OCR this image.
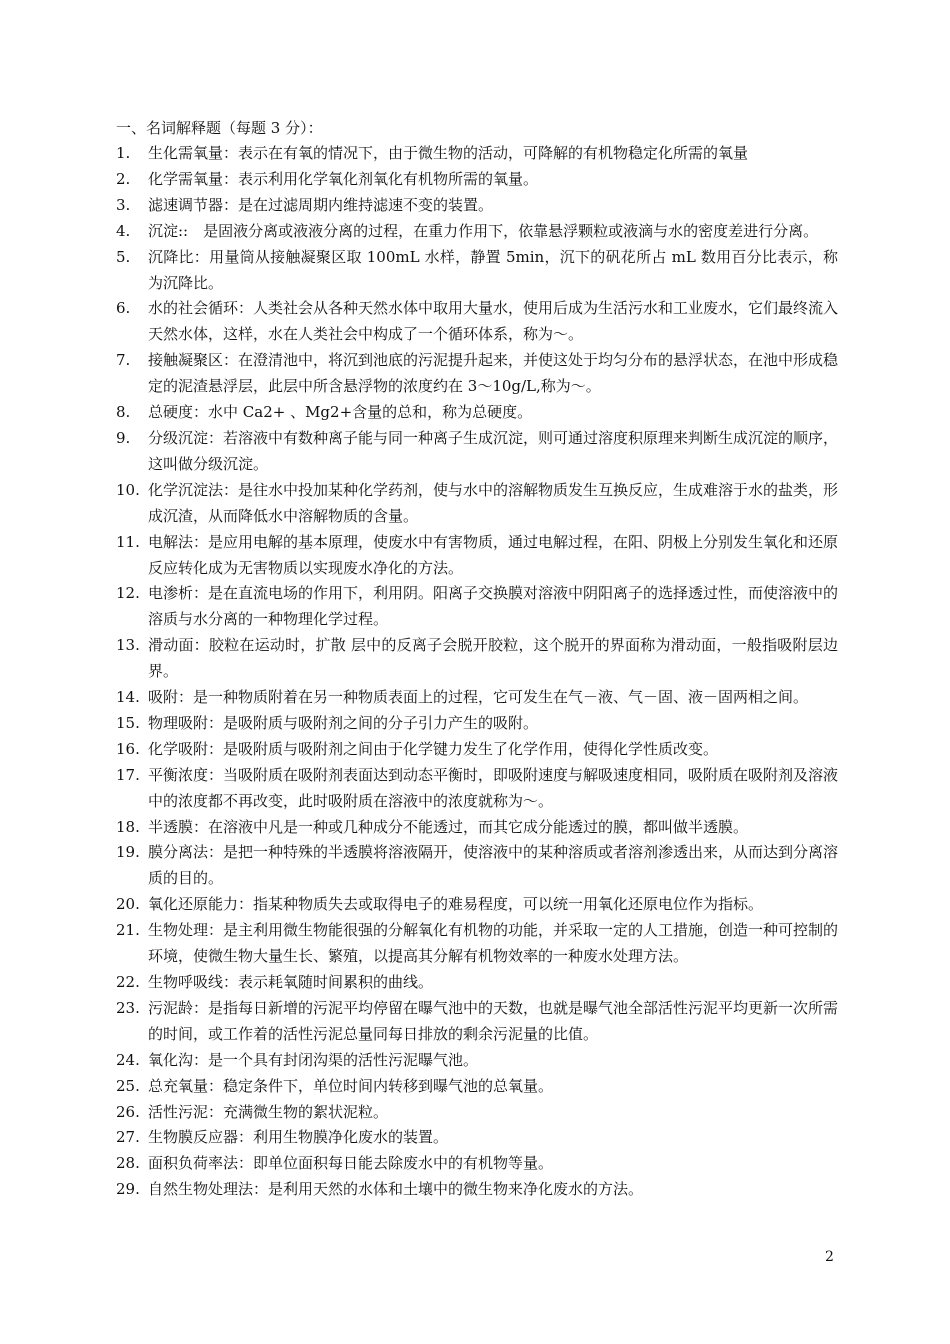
一、名词解释题（每题 3 分）：
1.	生化需氧量：表示在有氧的情况下，由于微生物的活动，可降解的有机物稳定化所需的氧量
2.	化学需氧量：表示利用化学氧化剂氧化有机物所需的氧量。
3.	滤速调节器：是在过滤周期内维持滤速不变的装置。
4.	沉淀::　是固液分离或液液分离的过程，在重力作用下，依靠悬浮颗粒或液滴与水的密度差进行分离。
5.	沉降比：用量筒从接触凝聚区取 100mL 水样，静置 5min，沉下的矾花所占 mL 数用百分比表示，称为沉降比。
6.	水的社会循环：人类社会从各种天然水体中取用大量水，使用后成为生活污水和工业废水，它们最终流入天然水体，这样，水在人类社会中构成了一个循环体系，称为～。
7.	接触凝聚区：在澄清池中，将沉到池底的污泥提升起来，并使这处于均匀分布的悬浮状态，在池中形成稳定的泥渣悬浮层，此层中所含悬浮物的浓度约在 3～10g/L,称为～。
8.	总硬度：水中 Ca2+ 、Mg2+含量的总和，称为总硬度。
9.	分级沉淀：若溶液中有数种离子能与同一种离子生成沉淀，则可通过溶度积原理来判断生成沉淀的顺序，这叫做分级沉淀。
10. 化学沉淀法：是往水中投加某种化学药剂，使与水中的溶解物质发生互换反应，生成难溶于水的盐类，形成沉渣，从而降低水中溶解物质的含量。
11. 电解法：是应用电解的基本原理，使废水中有害物质，通过电解过程，在阳、阴极上分别发生氧化和还原反应转化成为无害物质以实现废水净化的方法。
12. 电渗析：是在直流电场的作用下，利用阴。阳离子交换膜对溶液中阴阳离子的选择透过性，而使溶液中的溶质与水分离的一种物理化学过程。
13. 滑动面：胶粒在运动时，扩散 层中的反离子会脱开胶粒，这个脱开的界面称为滑动面，一般指吸附层边界。
14. 吸附：是一种物质附着在另一种物质表面上的过程，它可发生在气－液、气－固、液－固两相之间。
15. 物理吸附：是吸附质与吸附剂之间的分子引力产生的吸附。
16. 化学吸附：是吸附质与吸附剂之间由于化学键力发生了化学作用，使得化学性质改变。
17. 平衡浓度：当吸附质在吸附剂表面达到动态平衡时，即吸附速度与解吸速度相同，吸附质在吸附剂及溶液中的浓度都不再改变，此时吸附质在溶液中的浓度就称为～。
18. 半透膜：在溶液中凡是一种或几种成分不能透过，而其它成分能透过的膜，都叫做半透膜。
19. 膜分离法：是把一种特殊的半透膜将溶液隔开，使溶液中的某种溶质或者溶剂渗透出来，从而达到分离溶质的目的。
20. 氧化还原能力：指某种物质失去或取得电子的难易程度，可以统一用氧化还原电位作为指标。
21. 生物处理：是主利用微生物能很强的分解氧化有机物的功能，并采取一定的人工措施，创造一种可控制的环境，使微生物大量生长、繁殖，以提高其分解有机物效率的一种废水处理方法。
22. 生物呼吸线：表示耗氧随时间累积的曲线。
23. 污泥龄：是指每日新增的污泥平均停留在曝气池中的天数，也就是曝气池全部活性污泥平均更新一次所需的时间，或工作着的活性污泥总量同每日排放的剩余污泥量的比值。
24. 氧化沟：是一个具有封闭沟渠的活性污泥曝气池。
25. 总充氧量：稳定条件下，单位时间内转移到曝气池的总氧量。
26. 活性污泥：充满微生物的絮状泥粒。
27. 生物膜反应器：利用生物膜净化废水的装置。
28. 面积负荷率法：即单位面积每日能去除废水中的有机物等量。
29. 自然生物处理法：是利用天然的水体和土壤中的微生物来净化废水的方法。
2
